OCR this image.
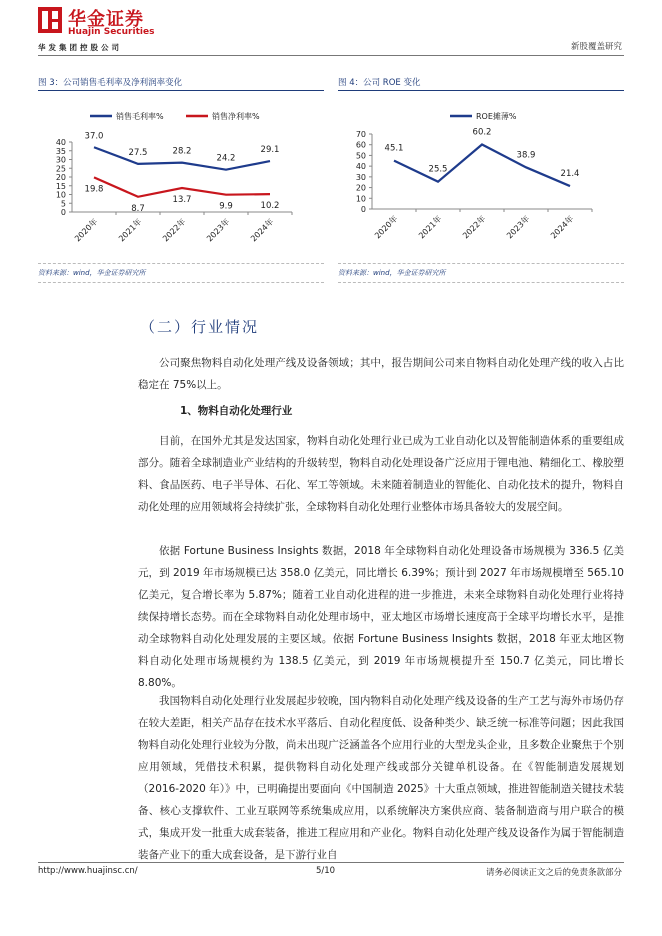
华金证券
Huajin Securities
华发集团控股公司	新股覆盖研究
图 3：公司销售毛利率及净利润率变化	图 4：公司 ROE 变化
0
5
10
15
20
25
30
35
40
2020年 2021年 2022年 2023年 2024年
销售毛利率%	销售净利率%
37.0
27.5	28.2
24.2
29.1
19.8
8.7
13.7
9.9	10.2	0
10
20
30
40
50
60
70
2020年 2021年 2022年 2023年 2024年
ROE摊薄%
45.1
25.5
60.2
38.9
21.4
资料来源：wind，华金证券研究所	资料来源：wind，华金证券研究所
（二）行业情况
公司聚焦物料自动化处理产线及设备领域；其中，报告期间公司来自物料自动化处理产线的收入占比稳定在 75%以上。
1、物料自动化处理行业
目前，在国外尤其是发达国家，物料自动化处理行业已成为工业自动化以及智能制造体系的重要组成部分。随着全球制造业产业结构的升级转型，物料自动化处理设备广泛应用于锂电池、精细化工、橡胶塑料、食品医药、电子半导体、石化、军工等领域。未来随着制造业的智能化、自动化技术的提升，物料自动化处理的应用领域将会持续扩张，全球物料自动化处理行业整体市场具备较大的发展空间。
依据 Fortune Business Insights 数据，2018 年全球物料自动化处理设备市场规模为 336.5 亿美元，到 2019 年市场规模已达 358.0 亿美元，同比增长 6.39%；预计到 2027 年市场规模增至 565.10 亿美元，复合增长率为 5.87%；随着工业自动化进程的进一步推进，未来全球物料自动化处理行业将持续保持增长态势。而在全球物料自动化处理市场中，亚太地区市场增长速度高于全球平均增长水平，是推动全球物料自动化处理发展的主要区域。依据 Fortune Business Insights 数据，2018 年亚太地区物料自动化处理市场规模约为 138.5 亿美元，到 2019 年市场规模提升至 150.7 亿美元，同比增长 8.80%。
我国物料自动化处理行业发展起步较晚，国内物料自动化处理产线及设备的生产工艺与海外市场仍存在较大差距，相关产品存在技术水平落后、自动化程度低、设备种类少、缺乏统一标准等问题；因此我国物料自动化处理行业较为分散，尚未出现广泛涵盖各个应用行业的大型龙头企业，且多数企业聚焦于个别应用领域，凭借技术积累，提供物料自动化处理产线或部分关键单机设备。在《智能制造发展规划（2016-2020 年）》中，已明确提出要面向《中国制造 2025》十大重点领域，推进智能制造关键技术装备、核心支撑软件、工业互联网等系统集成应用，以系统解决方案供应商、装备制造商与用户联合的模式，集成开发一批重大成套装备，推进工程应用和产业化。物料自动化处理产线及设备作为属于智能制造装备产业下的重大成套设备，是下游行业自
http://www.huajinsc.cn/	5/10	请务必阅读正文之后的免责条款部分
